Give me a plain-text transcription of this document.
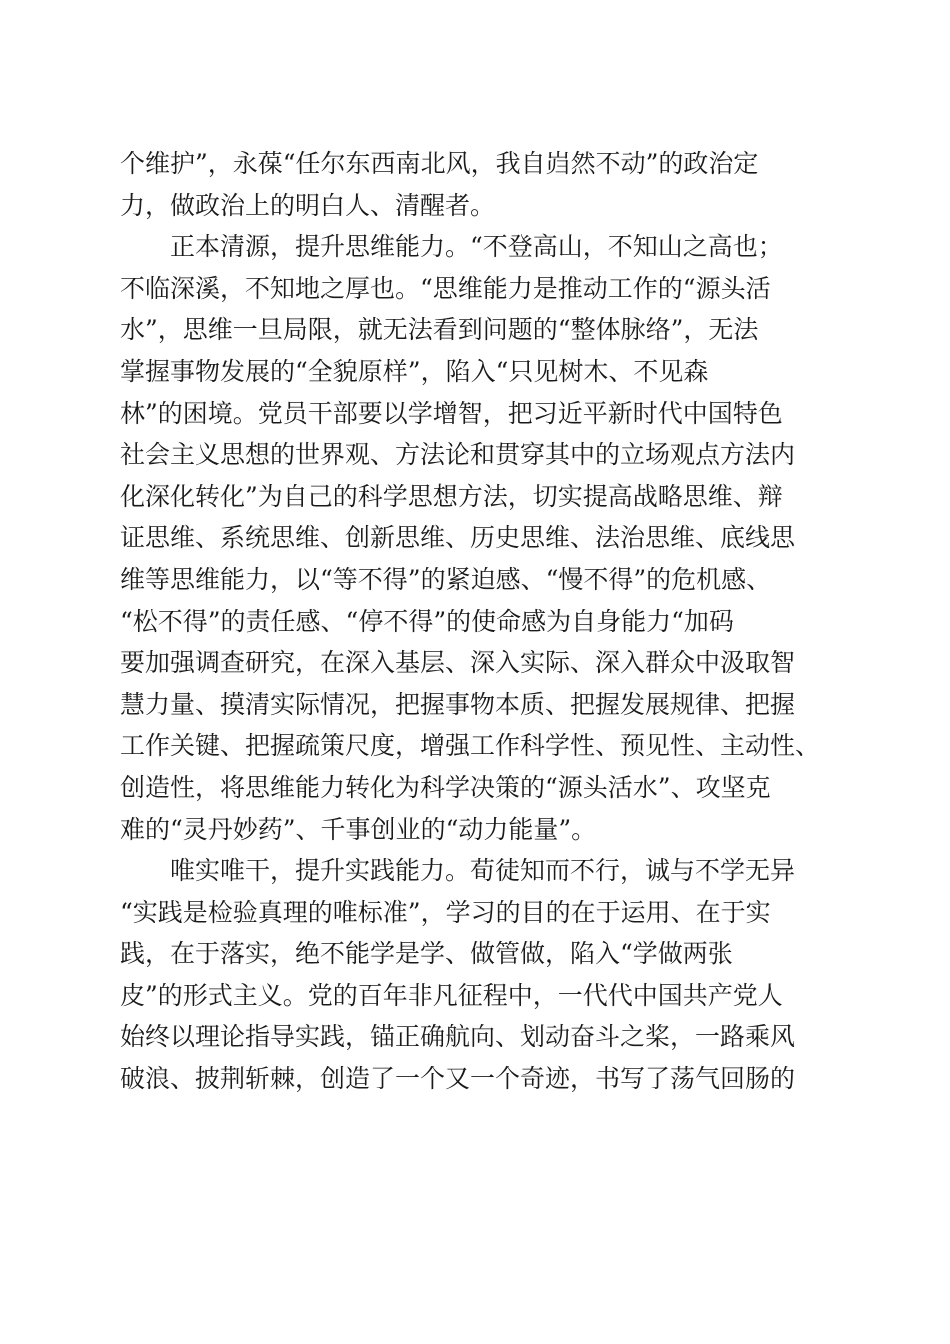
个维护”，永葆“任尔东西南北风，我自岿然不动”的政治定
力，做政治上的明白人、清醒者。
正本清源，提升思维能力。“不登高山，不知山之高也；
不临深溪，不知地之厚也。“思维能力是推动工作的“源头活
水”，思维一旦局限，就无法看到问题的“整体脉络”，无法
掌握事物发展的“全貌原样”，陷入“只见树木、不见森
林”的困境。党员干部要以学增智，把习近平新时代中国特色
社会主义思想的世界观、方法论和贯穿其中的立场观点方法内
化深化转化”为自己的科学思想方法，切实提高战略思维、辩
证思维、系统思维、创新思维、历史思维、法治思维、底线思
维等思维能力，以“等不得”的紧迫感、“慢不得”的危机感、
“松不得”的责任感、“停不得”的使命感为自身能力“加码
要加强调查研究，在深入基层、深入实际、深入群众中汲取智
慧力量、摸清实际情况，把握事物本质、把握发展规律、把握
工作关键、把握疏策尺度，增强工作科学性、预见性、主动性、
创造性，将思维能力转化为科学决策的“源头活水”、攻坚克
难的“灵丹妙药”、千事创业的“动力能量”。
唯实唯干，提升实践能力。荀徒知而不行，诚与不学无异
“实践是检验真理的唯标准”，学习的目的在于运用、在于实
践，在于落实，绝不能学是学、做管做，陷入“学做两张
皮”的形式主义。党的百年非凡征程中，一代代中国共产党人
始终以理论指导实践，锚正确航向、划动奋斗之桨，一路乘风
破浪、披荆斩棘，创造了一个又一个奇迹，书写了荡气回肠的
